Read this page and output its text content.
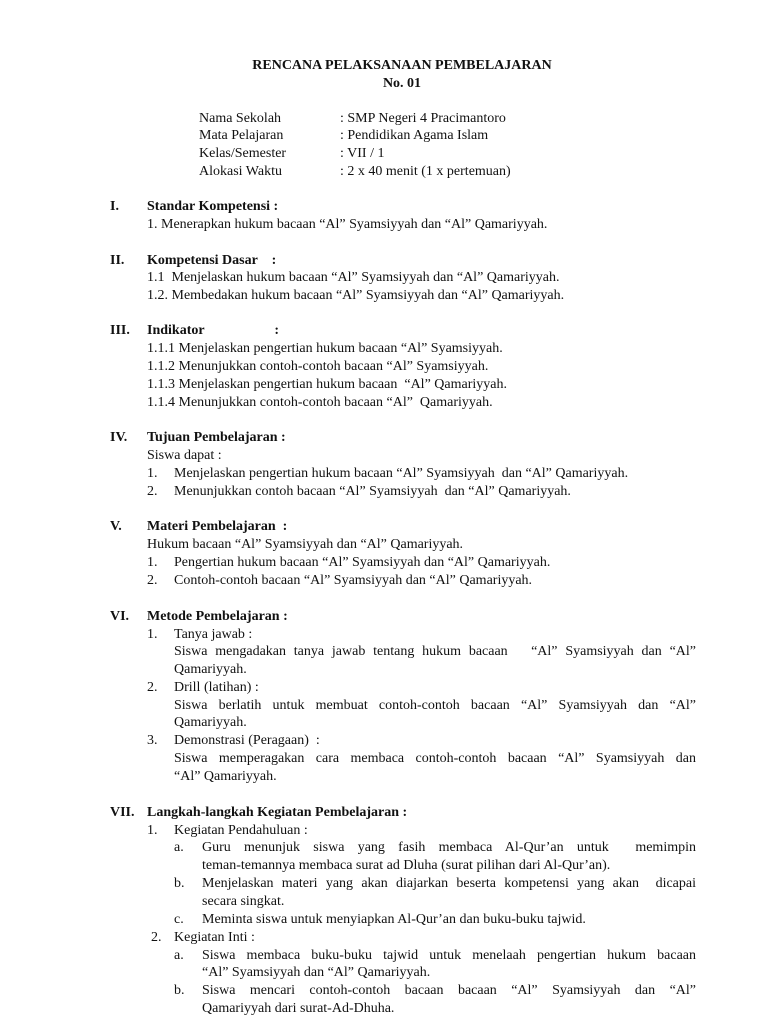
RENCANA PELAKSANAAN PEMBELAJARAN
No. 01
Nama Sekolah	: SMP Negeri 4 Pracimantoro
Mata Pelajaran	: Pendidikan Agama Islam
Kelas/Semester	: VII / 1
Alokasi Waktu	: 2 x 40 menit (1 x pertemuan)
I. Standar Kompetensi :
1. Menerapkan hukum bacaan “Al” Syamsiyyah dan “Al” Qamariyyah.
II. Kompetensi Dasar    :
1.1  Menjelaskan hukum bacaan “Al” Syamsiyyah dan “Al” Qamariyyah.
1.2. Membedakan hukum bacaan “Al” Syamsiyyah dan “Al” Qamariyyah.
III. Indikator                    :
1.1.1 Menjelaskan pengertian hukum bacaan “Al” Syamsiyyah.
1.1.2 Menunjukkan contoh-contoh bacaan “Al” Syamsiyyah.
1.1.3 Menjelaskan pengertian hukum bacaan  “Al” Qamariyyah.
1.1.4 Menunjukkan contoh-contoh bacaan “Al”  Qamariyyah.
IV. Tujuan Pembelajaran :
Siswa dapat :
1. Menjelaskan pengertian hukum bacaan “Al” Syamsiyyah  dan “Al” Qamariyyah.
2. Menunjukkan contoh bacaan “Al” Syamsiyyah  dan “Al” Qamariyyah.
V. Materi Pembelajaran  :
Hukum bacaan “Al” Syamsiyyah dan “Al” Qamariyyah.
1. Pengertian hukum bacaan “Al” Syamsiyyah dan “Al” Qamariyyah.
2. Contoh-contoh bacaan “Al” Syamsiyyah dan “Al” Qamariyyah.
VI. Metode Pembelajaran :
1. Tanya jawab :
Siswa mengadakan tanya jawab tentang hukum bacaan   “Al” Syamsiyyah dan “Al”
Qamariyyah.
2. Drill (latihan) :
Siswa berlatih untuk membuat contoh-contoh bacaan “Al” Syamsiyyah dan “Al”
Qamariyyah.
3. Demonstrasi (Peragaan)  :
Siswa memperagakan cara membaca contoh-contoh bacaan “Al” Syamsiyyah dan
“Al” Qamariyyah.
VII. Langkah-langkah Kegiatan Pembelajaran :
1. Kegiatan Pendahuluan :
a. Guru menunjuk siswa yang fasih membaca Al-Qur’an untuk  memimpin
teman-temannya membaca surat ad Dluha (surat pilihan dari Al-Qur’an).
b. Menjelaskan materi yang akan diajarkan beserta kompetensi yang akan  dicapai
secara singkat.
c. Meminta siswa untuk menyiapkan Al-Qur’an dan buku-buku tajwid.
2. Kegiatan Inti :
a. Siswa membaca buku-buku tajwid untuk menelaah pengertian hukum bacaan
“Al” Syamsiyyah dan “Al” Qamariyyah.
b. Siswa mencari contoh-contoh bacaan bacaan “Al” Syamsiyyah dan “Al”
Qamariyyah dari surat-Ad-Dhuha.
